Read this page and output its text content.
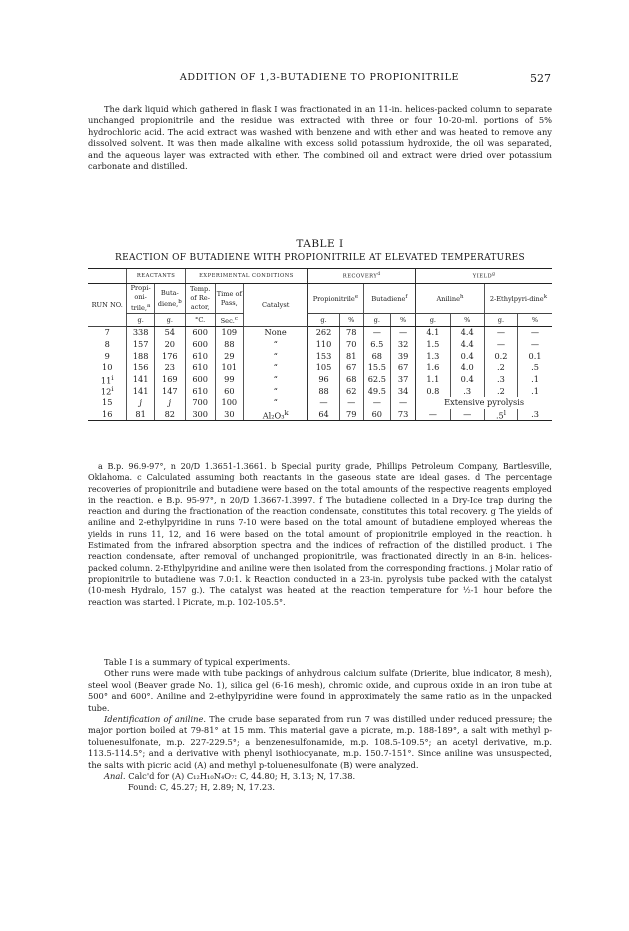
ADDITION OF 1,3-BUTADIENE TO PROPIONITRILE	527

The dark liquid which gathered in flask I was fractionated in an 11-in. helices-packed column to separate unchanged propionitrile and the residue was extracted with three or four 10-20-ml. portions of 5% hydrochloric acid. The acid extract was washed with benzene and with ether and was heated to remove any dissolved solvent. It was then made alkaline with excess solid potassium hydroxide, the oil was separated, and the aqueous layer was extracted with ether. The combined oil and extract were dried over potassium carbonate and distilled.

TABLE I
REACTION OF BUTADIENE WITH PROPIONITRILE AT ELEVATED TEMPERATURES
	REACTANTS		EXPERIMENTAL CONDITIONS			RECOVERY$^d$				YIELD$^g$
RUN NO.	Propi-oni-trile,$^a$	Buta-diene,$^b$	Temp. of Re-actor,	Time of Pass,	Catalyst	Propionitrile$^e$		Butadiene$^f$		Aniline$^h$		2-Ethylpyri-dine$^k$
	g.	g.	°C.	Sec.$^c$		g.	%	g.	%	g.	%	g.	%
7	338	54	600	109	None	262	78	—	—	4.1	4.4	—	—
8	157	20	600	88	“	110	70	6.5	32	1.5	4.4	—	—
9	188	176	610	29	“	153	81	68	39	1.3	0.4	0.2	0.1
10	156	23	610	101	“	105	67	15.5	67	1.6	4.0	.2	.5
11$^i$	141	169	600	99	“	96	68	62.5	37	1.1	0.4	.3	.1
12$^i$	141	147	610	60	“	88	62	49.5	34	0.8	.3	.2	.1
15	j	j	700	100	“	—	—	—	—	Extensive pyrolysis			
16	81	82	300	30	Al₂O₃$^k$	64	79	60	73	—	—	.5$^l$	.3

a B.p. 96.9-97°, n 20/D 1.3651-1.3661. b Special purity grade, Phillips Petroleum Company, Bartlesville, Oklahoma. c Calculated assuming both reactants in the gaseous state are ideal gases. d The percentage recoveries of propionitrile and butadiene were based on the total amounts of the respective reagents employed in the reaction. e B.p. 95-97°, n 20/D 1.3667-1.3997. f The butadiene collected in a Dry-Ice trap during the reaction and during the fractionation of the reaction condensate, constitutes this total recovery. g The yields of aniline and 2-ethylpyridine in runs 7-10 were based on the total amount of butadiene employed whereas the yields in runs 11, 12, and 16 were based on the total amount of propionitrile employed in the reaction. h Estimated from the infrared absorption spectra and the indices of refraction of the distilled product. i The reaction condensate, after removal of unchanged propionitrile, was fractionated directly in an 8-in. helices-packed column. 2-Ethylpyridine and aniline were then isolated from the corresponding fractions. j Molar ratio of propionitrile to butadiene was 7.0:1. k Reaction conducted in a 23-in. pyrolysis tube packed with the catalyst (10-mesh Hydralo, 157 g.). The catalyst was heated at the reaction temperature for ½-1 hour before the reaction was started. l Picrate, m.p. 102-105.5°.

Table I is a summary of typical experiments.

Other runs were made with tube packings of anhydrous calcium sulfate (Drierite, blue indicator, 8 mesh), steel wool (Beaver grade No. 1), silica gel (6-16 mesh), chromic oxide, and cuprous oxide in an iron tube at 500° and 600°. Aniline and 2-ethylpyridine were found in approximately the same ratio as in the unpacked tube.

Identification of aniline. The crude base separated from run 7 was distilled under reduced pressure; the major portion boiled at 79-81° at 15 mm. This material gave a picrate, m.p. 188-189°, a salt with methyl p-toluenesulfonate, m.p. 227-229.5°; a benzenesulfonamide, m.p. 108.5-109.5°; an acetyl derivative, m.p. 113.5-114.5°; and a derivative with phenyl isothiocyanate, m.p. 150.7-151°. Since aniline was unsuspected, the salts with picric acid (A) and methyl p-toluenesulfonate (B) were analyzed.

Anal. Calc'd for (A) C₁₂H₁₀N₄O₇: C, 44.80; H, 3.13; N, 17.38.

Found: C, 45.27; H, 2.89; N, 17.23.
